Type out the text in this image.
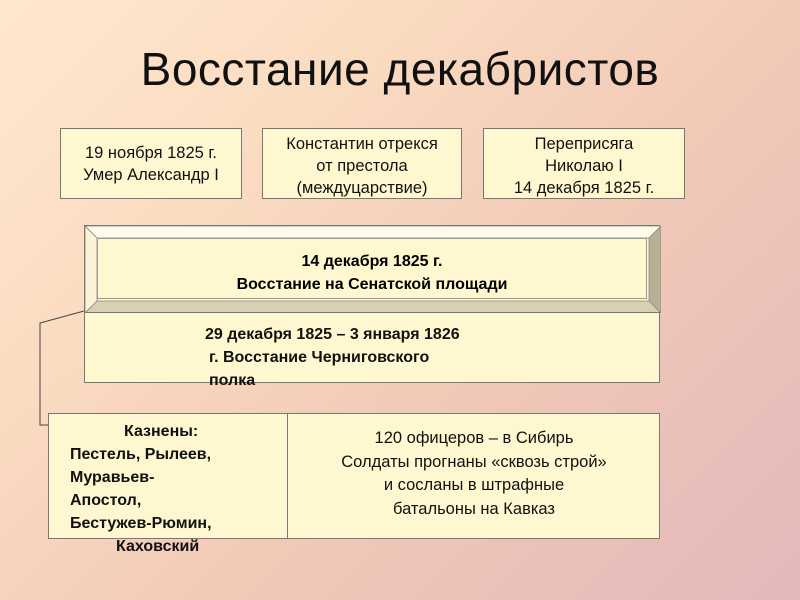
Восстание декабристов
19 ноября 1825 г.
Умер Александр I
Константин отрекся
от престола
(междуцарствие)
Переприсяга
Николаю I
14 декабря 1825 г.
14 декабря 1825 г.
Восстание на Сенатской площади
29 декабря 1825 – 3 января 1826
г. Восстание Черниговского
полка
Казнены:
Пестель, Рылеев,
Муравьев-
Апостол,
Бестужев-Рюмин,
Каховский
120 офицеров – в Сибирь
Солдаты прогнаны «сквозь строй»
и сосланы в штрафные
батальоны на Кавказ
